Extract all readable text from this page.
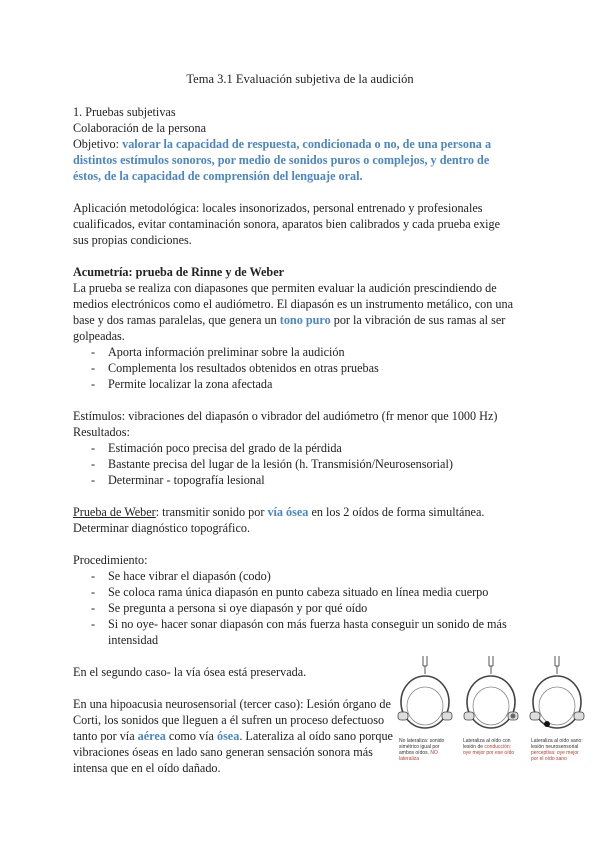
Tema 3.1 Evaluación subjetiva de la audición

1. Pruebas subjetivas

Colaboración de la persona

Objetivo: valorar la capacidad de respuesta, condicionada o no, de una persona a distintos estímulos sonoros, por medio de sonidos puros o complejos, y dentro de éstos, de la capacidad de comprensión del lenguaje oral.

Aplicación metodológica: locales insonorizados, personal entrenado y profesionales cualificados, evitar contaminación sonora, aparatos bien calibrados y cada prueba exige sus propias condiciones.

Acumetría: prueba de Rinne y de Weber

La prueba se realiza con diapasones que permiten evaluar la audición prescindiendo de medios electrónicos como el audiómetro. El diapasón es un instrumento metálico, con una base y dos ramas paralelas, que genera un tono puro por la vibración de sus ramas al ser golpeadas.

- Aporta información preliminar sobre la audición
- Complementa los resultados obtenidos en otras pruebas
- Permite localizar la zona afectada

Estímulos: vibraciones del diapasón o vibrador del audiómetro (fr menor que 1000 Hz)

Resultados:

- Estimación poco precisa del grado de la pérdida
- Bastante precisa del lugar de la lesión (h. Transmisión/Neurosensorial)
- Determinar - topografía lesional

Prueba de Weber: transmitir sonido por vía ósea en los 2 oídos de forma simultánea. Determinar diagnóstico topográfico.

Procedimiento:

- Se hace vibrar el diapasón (codo)
- Se coloca rama única diapasón en punto cabeza situado en línea media cuerpo
- Se pregunta a persona si oye diapasón y por qué oído
- Si no oye- hacer sonar diapasón con más fuerza hasta conseguir un sonido de más intensidad

En el segundo caso- la vía ósea está preservada.

En una hipoacusia neurosensorial (tercer caso): Lesión órgano de Corti, los sonidos que lleguen a él sufren un proceso defectuoso tanto por vía aérea como vía ósea. Lateraliza al oído sano porque vibraciones óseas en lado sano generan sensación sonora más intensa que en el oído dañado.

No lateraliza: sonido simétrico igual por ambos oídos. NO lateraliza
Lateraliza al oído con lesión de conducción: oye mejor por ese oído
Lateraliza al oído sano: lesión neurosensorial perceptiva: oye mejor por el oído sano
